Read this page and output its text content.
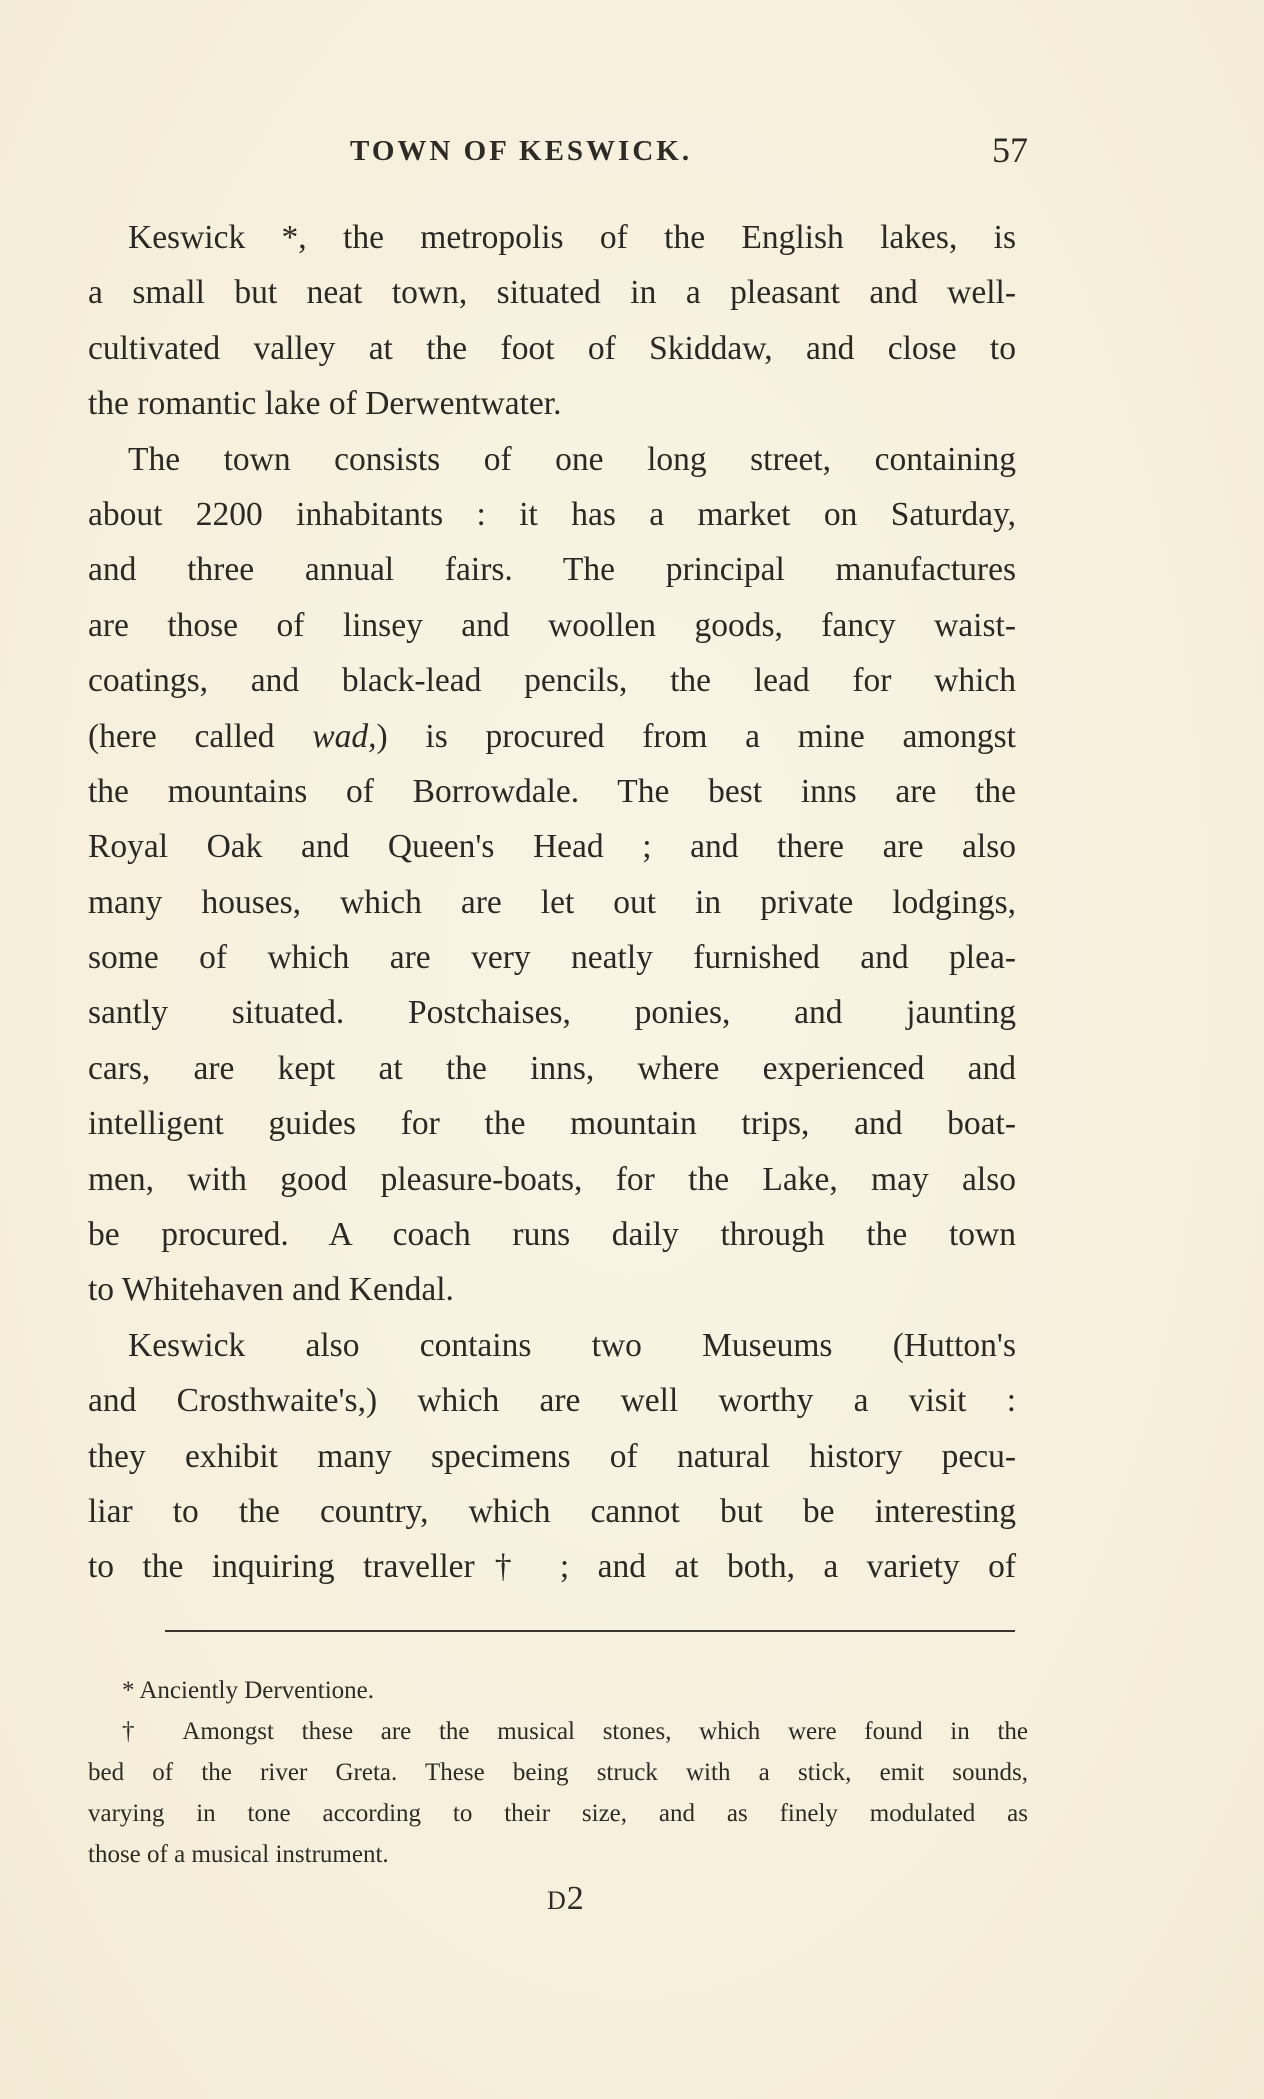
TOWN OF KESWICK.	57
Keswick *, the metropolis of the English lakes, is
a small but neat town, situated in a pleasant and well-
cultivated valley at the foot of Skiddaw, and close to
the romantic lake of Derwentwater.
The town consists of one long street, containing
about 2200 inhabitants : it has a market on Saturday,
and three annual fairs. The principal manufactures
are those of linsey and woollen goods, fancy waist-
coatings, and black-lead pencils, the lead for which
(here called wad,) is procured from a mine amongst
the mountains of Borrowdale. The best inns are the
Royal Oak and Queen's Head ; and there are also
many houses, which are let out in private lodgings,
some of which are very neatly furnished and plea-
santly situated. Postchaises, ponies, and jaunting
cars, are kept at the inns, where experienced and
intelligent guides for the mountain trips, and boat-
men, with good pleasure-boats, for the Lake, may also
be procured. A coach runs daily through the town
to Whitehaven and Kendal.
Keswick also contains two Museums (Hutton's
and Crosthwaite's,) which are well worthy a visit :
they exhibit many specimens of natural history pecu-
liar to the country, which cannot but be interesting
to the inquiring traveller† ; and at both, a variety of
* Anciently Derventione.
† Amongst these are the musical stones, which were found in the
bed of the river Greta. These being struck with a stick, emit sounds,
varying in tone according to their size, and as finely modulated as
those of a musical instrument.
D2
